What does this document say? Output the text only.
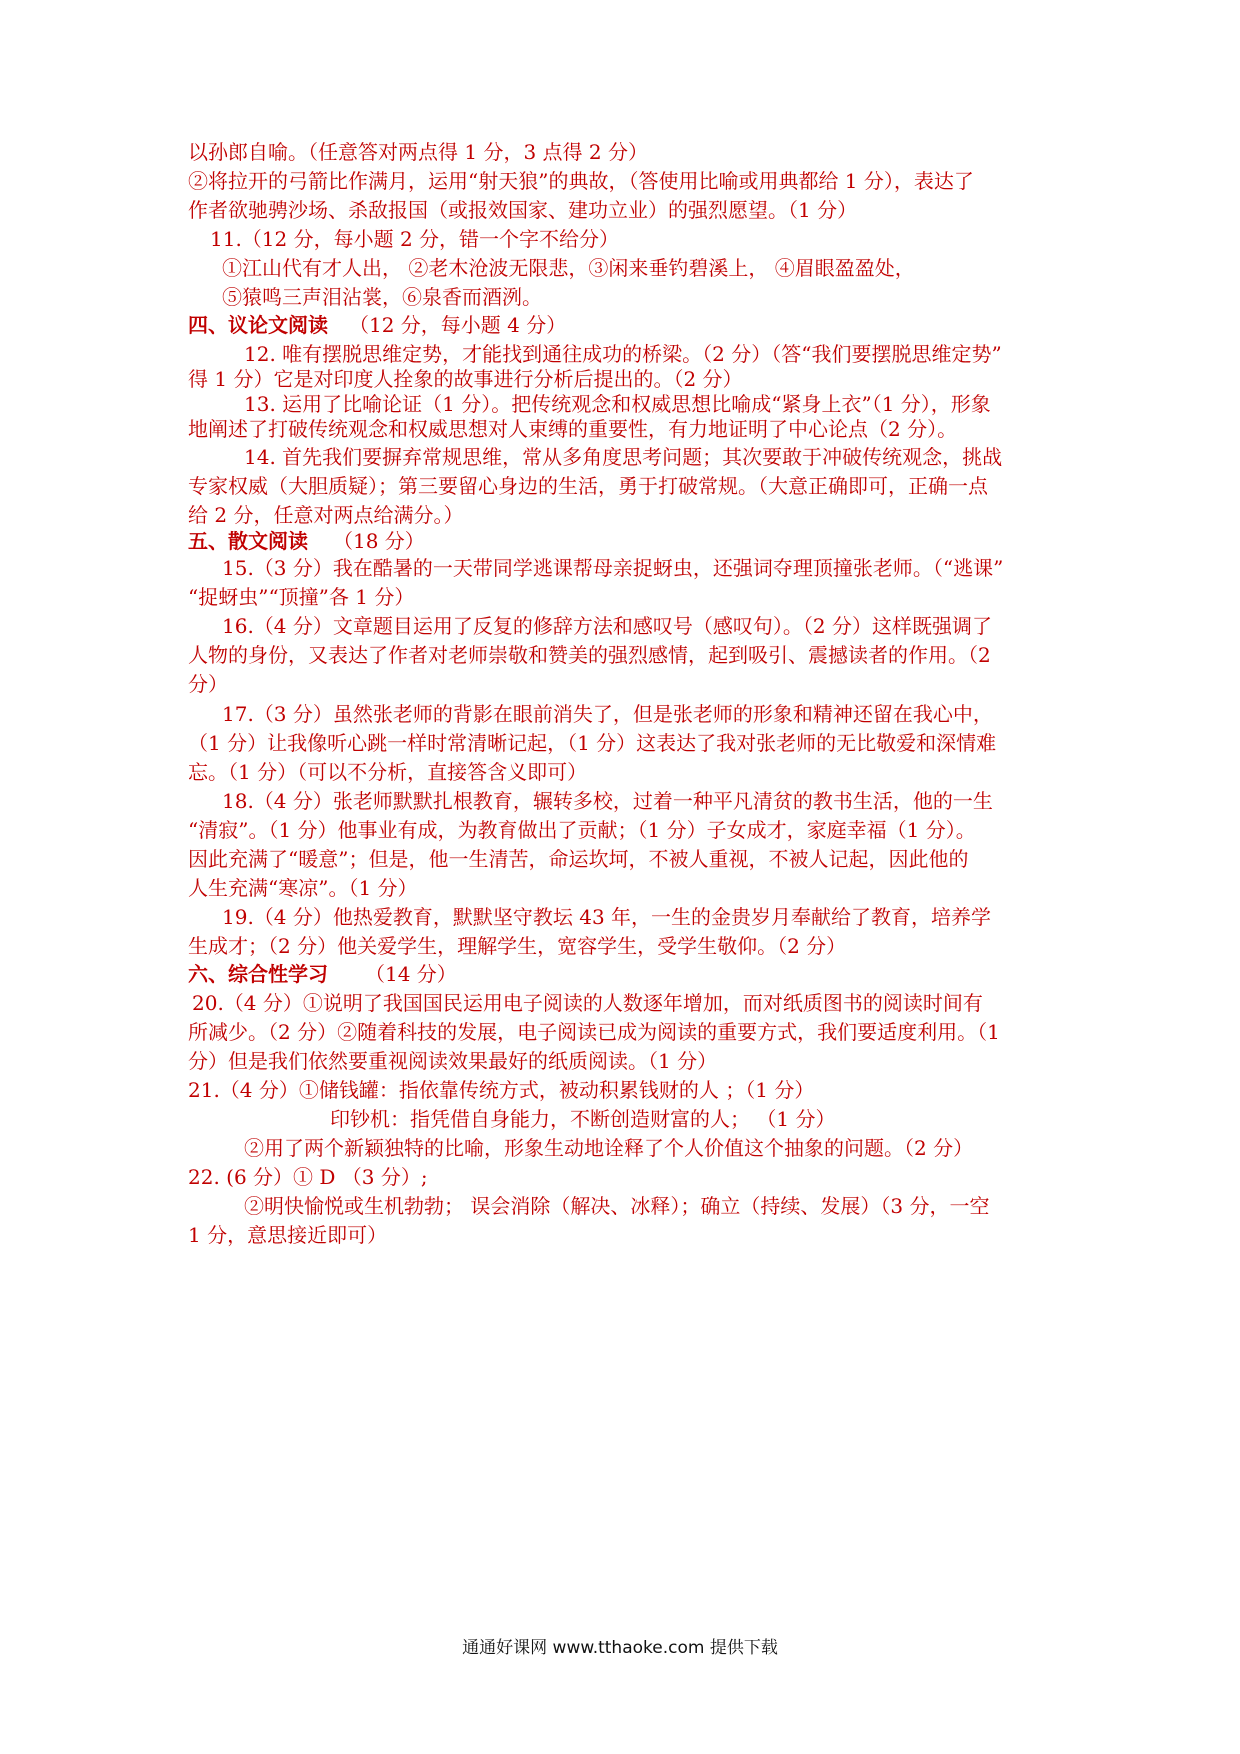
以孙郎自喻。（任意答对两点得 1 分，3 点得 2 分）
②将拉开的弓箭比作满月，运用“射天狼”的典故，（答使用比喻或用典都给 1 分），表达了
作者欲驰骋沙场、杀敌报国（或报效国家、建功立业）的强烈愿望。（1 分）
11.（12 分，每小题 2 分，错一个字不给分）
①江山代有才人出， ②老木沧波无限悲，③闲来垂钓碧溪上， ④眉眼盈盈处，
⑤猿鸣三声泪沾裳，⑥泉香而酒洌。
四、议论文阅读 （12 分，每小题 4 分）
12. 唯有摆脱思维定势，才能找到通往成功的桥梁。（2 分）（答“我们要摆脱思维定势”
得 1 分）它是对印度人拴象的故事进行分析后提出的。（2 分）
13. 运用了比喻论证（1 分）。把传统观念和权威思想比喻成“紧身上衣”（1 分），形象
地阐述了打破传统观念和权威思想对人束缚的重要性，有力地证明了中心论点（2 分）。
14. 首先我们要摒弃常规思维，常从多角度思考问题；其次要敢于冲破传统观念，挑战
专家权威（大胆质疑）；第三要留心身边的生活，勇于打破常规。（大意正确即可，正确一点
给 2 分，任意对两点给满分。）
五、散文阅读 （18 分）
15.（3 分）我在酷暑的一天带同学逃课帮母亲捉蚜虫，还强词夺理顶撞张老师。（“逃课”
“捉蚜虫”“顶撞”各 1 分）
16.（4 分）文章题目运用了反复的修辞方法和感叹号（感叹句）。（2 分）这样既强调了
人物的身份，又表达了作者对老师崇敬和赞美的强烈感情，起到吸引、震撼读者的作用。（2
分）
17.（3 分）虽然张老师的背影在眼前消失了，但是张老师的形象和精神还留在我心中，
（1 分）让我像听心跳一样时常清晰记起，（1 分）这表达了我对张老师的无比敬爱和深情难
忘。（1 分）（可以不分析，直接答含义即可）
18.（4 分）张老师默默扎根教育，辗转多校，过着一种平凡清贫的教书生活，他的一生
“清寂”。（1 分）他事业有成，为教育做出了贡献；（1 分）子女成才，家庭幸福（1 分）。
因此充满了“暖意”；但是，他一生清苦，命运坎坷，不被人重视，不被人记起，因此他的
人生充满“寒凉”。（1 分）
19.（4 分）他热爱教育，默默坚守教坛 43 年，一生的金贵岁月奉献给了教育，培养学
生成才；（2 分）他关爱学生，理解学生，宽容学生，受学生敬仰。（2 分）
六、综合性学习 （14 分）
20.（4 分）①说明了我国国民运用电子阅读的人数逐年增加，而对纸质图书的阅读时间有
所减少。（2 分）②随着科技的发展，电子阅读已成为阅读的重要方式，我们要适度利用。（1
分）但是我们依然要重视阅读效果最好的纸质阅读。（1 分）
21.（4 分）①储钱罐：指依靠传统方式，被动积累钱财的人 ；（1 分）
印钞机：指凭借自身能力，不断创造财富的人； （1 分）
②用了两个新颖独特的比喻，形象生动地诠释了个人价值这个抽象的问题。（2 分）
22. (6 分）① D （3 分）;
②明快愉悦或生机勃勃； 误会消除（解决、冰释）；确立（持续、发展）（3 分，一空
1 分，意思接近即可）
通通好课网 www.tthaoke.com 提供下载
